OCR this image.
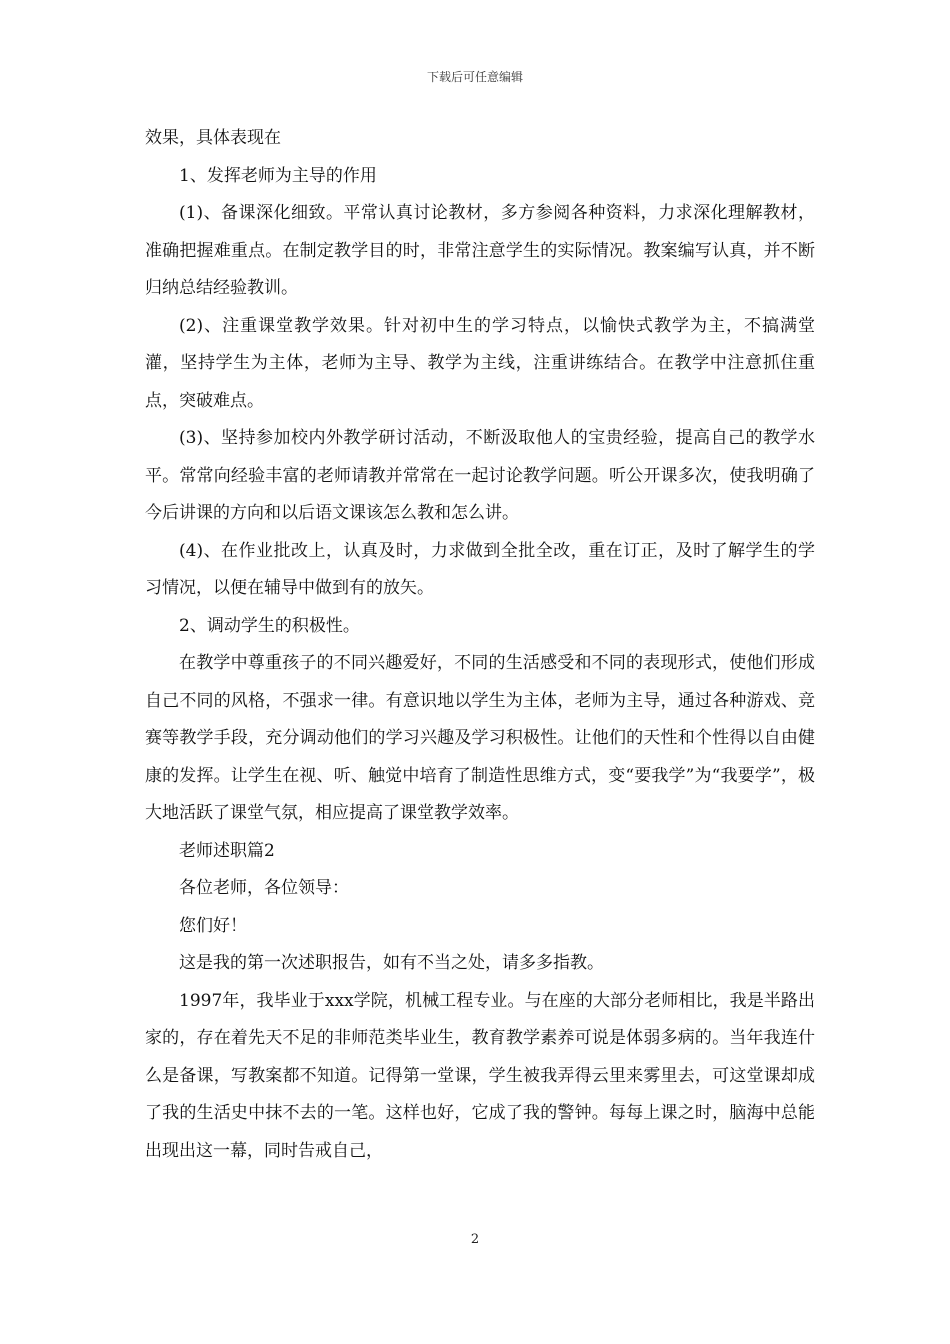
下载后可任意编辑

效果，具体表现在

1、发挥老师为主导的作用

(1)、备课深化细致。平常认真讨论教材，多方参阅各种资料，力求深化理解教材，准确把握难重点。在制定教学目的时，非常注意学生的实际情况。教案编写认真，并不断归纳总结经验教训。

(2)、注重课堂教学效果。针对初中生的学习特点，以愉快式教学为主，不搞满堂灌，坚持学生为主体，老师为主导、教学为主线，注重讲练结合。在教学中注意抓住重点，突破难点。

(3)、坚持参加校内外教学研讨活动，不断汲取他人的宝贵经验，提高自己的教学水平。常常向经验丰富的老师请教并常常在一起讨论教学问题。听公开课多次，使我明确了今后讲课的方向和以后语文课该怎么教和怎么讲。

(4)、在作业批改上，认真及时，力求做到全批全改，重在订正，及时了解学生的学习情况，以便在辅导中做到有的放矢。

2、调动学生的积极性。

在教学中尊重孩子的不同兴趣爱好，不同的生活感受和不同的表现形式，使他们形成自己不同的风格，不强求一律。有意识地以学生为主体，老师为主导，通过各种游戏、竞赛等教学手段，充分调动他们的学习兴趣及学习积极性。让他们的天性和个性得以自由健康的发挥。让学生在视、听、触觉中培育了制造性思维方式，变“要我学”为“我要学”，极大地活跃了课堂气氛，相应提高了课堂教学效率。

老师述职篇2

各位老师，各位领导：

您们好！

这是我的第一次述职报告，如有不当之处，请多多指教。

1997年，我毕业于xxx学院，机械工程专业。与在座的大部分老师相比，我是半路出家的，存在着先天不足的非师范类毕业生，教育教学素养可说是体弱多病的。当年我连什么是备课，写教案都不知道。记得第一堂课，学生被我弄得云里来雾里去，可这堂课却成了我的生活史中抹不去的一笔。这样也好，它成了我的警钟。每每上课之时，脑海中总能出现出这一幕，同时告戒自己，

2
